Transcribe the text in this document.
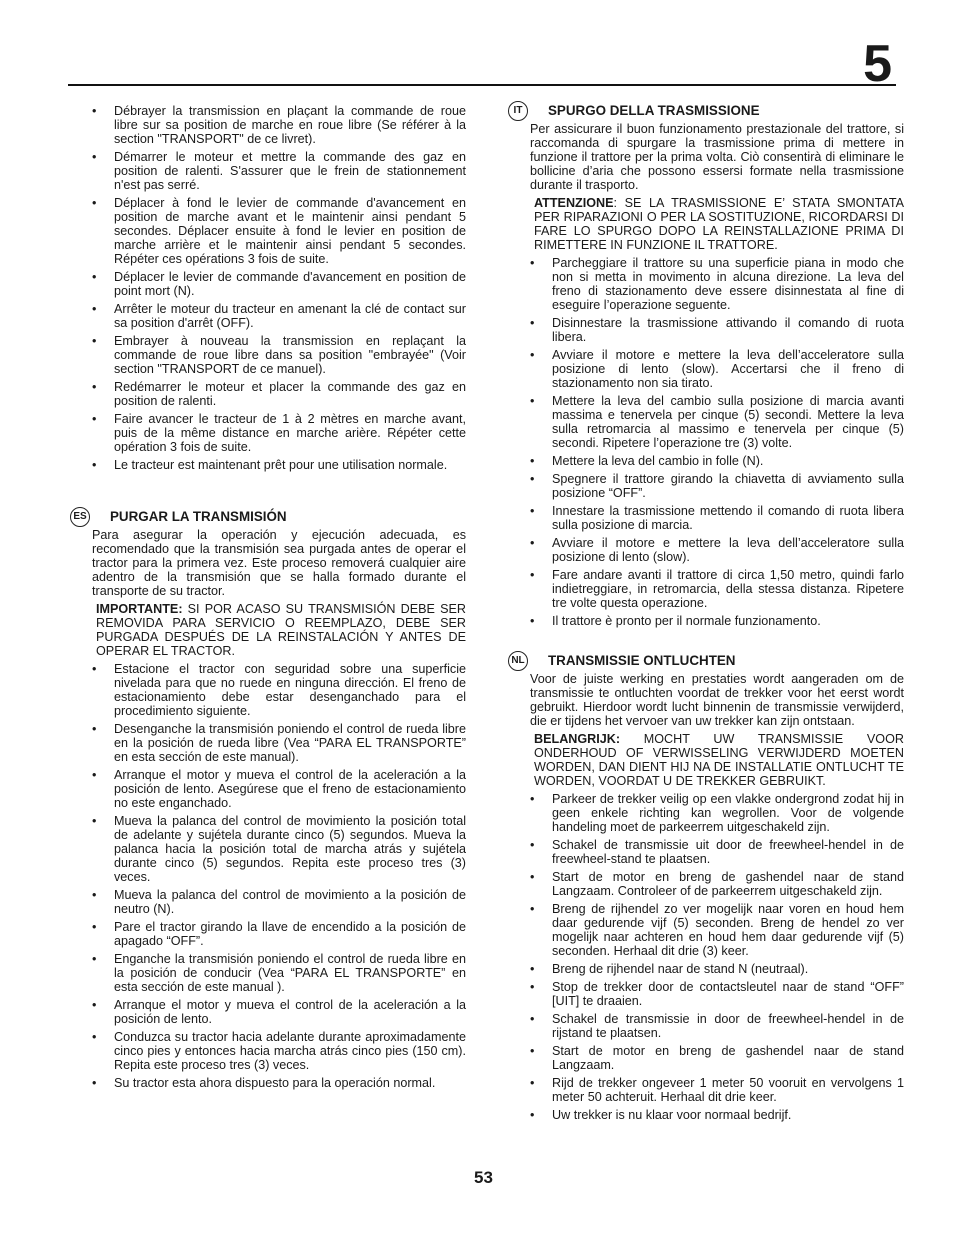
5
• Débrayer la transmission en plaçant la commande de roue libre sur sa position de marche en roue libre (Se référer à la section "TRANSPORT" de ce livret).
• Démarrer le moteur et mettre la commande des gaz en position de ralenti. S'assurer que le frein de stationnement n'est pas serré.
• Déplacer à fond le levier de commande d'avancement en position de marche avant et le maintenir ainsi pendant 5 secondes. Déplacer ensuite à fond le levier en position de marche arrière et le maintenir ainsi pendant 5 secondes. Répéter ces opérations 3 fois de suite.
• Déplacer le levier de commande d'avancement en position de point mort (N).
• Arrêter le moteur du tracteur en amenant la clé de contact sur sa position d'arrêt (OFF).
• Embrayer à nouveau la transmission en replaçant la commande de roue libre dans sa position "embrayée" (Voir section "TRANSPORT de ce manuel).
• Redémarrer le moteur et placer la commande des gaz en position de ralenti.
• Faire avancer le tracteur de 1 à 2 mètres en marche avant, puis de la même distance en marche arière. Répéter cette opération 3 fois de suite.
• Le tracteur est maintenant prêt pour une utilisation normale.
ES PURGAR LA TRANSMISIÓN

Para asegurar la operación y ejecución adecuada, es recomendado que la transmisión sea purgada antes de operar el tractor para la primera vez. Este proceso removerá cualquier aire adentro de la transmisión que se halla formado durante el transporte de su tractor.

IMPORTANTE: SI POR ACASO SU TRANSMISIÓN DEBE SER REMOVIDA PARA SERVICIO O REEMPLAZO, DEBE SER PURGADA DESPUÉS DE LA REINSTALACIÓN Y ANTES DE OPERAR EL TRACTOR.

• Estacione el tractor con seguridad sobre una superficie nivelada para que no ruede en ninguna dirección. El freno de estacionamiento debe estar desenganchado para el procedimiento siguiente.
• Desenganche la transmisión poniendo el control de rueda libre en la posición de rueda libre (Vea “PARA EL TRANSPORTE” en esta sección de este manual).
• Arranque el motor y mueva el control de la aceleración a la posición de lento. Asegúrese que el freno de estacionamiento no este enganchado.
• Mueva la palanca del control de movimiento la posición total de adelante y sujétela durante cinco (5) segundos. Mueva la palanca hacia la posición total de marcha atrás y sujétela durante cinco (5) segundos. Repita este proceso tres (3) veces.
• Mueva la palanca del control de movimiento a la posición de neutro (N).
• Pare el tractor girando la llave de encendido a la posición de apagado “OFF”.
• Enganche la transmisión poniendo el control de rueda libre en la posición de conducir (Vea “PARA EL TRANSPORTE” en esta sección de este manual ).
• Arranque el motor y mueva el control de la aceleración a la posición de lento.
• Conduzca su tractor hacia adelante durante aproximadamente cinco pies y entonces hacia marcha atrás cinco pies (150 cm). Repita este proceso tres (3) veces.
• Su tractor esta ahora dispuesto para la operación normal.
IT	SPURGO DELLA TRASMISSIONE

Per assicurare il buon funzionamento prestazionale del trattore, si raccomanda di spurgare la trasmissione prima di mettere in funzione il trattore per la prima volta. Ciò consentirà di eliminare le bollicine d’aria che possono essersi formate nella trasmissione durante il trasporto.

ATTENZIONE: SE LA TRASMISSIONE E’ STATA SMONTATA PER RIPARAZIONI O PER LA SOSTITUZIONE, RICORDARSI DI FARE LO SPURGO DOPO LA REINSTALLAZIONE PRIMA DI RIMETTERE IN FUNZIONE IL TRATTORE.

• Parcheggiare il trattore su una superficie piana in modo che non si metta in movimento in alcuna direzione. La leva del freno di stazionamento deve essere disinnestata al fine di eseguire l’operazione seguente.
• Disinnestare la trasmissione attivando il comando di ruota libera.
• Avviare il motore e mettere la leva dell’acceleratore sulla posizione di lento (slow). Accertarsi che il freno di stazionamento non sia tirato.
• Mettere la leva del cambio sulla posizione di marcia avanti massima e tenervela per cinque (5) secondi. Mettere la leva sulla retromarcia al massimo e tenervela per cinque (5) secondi. Ripetere l’operazione tre (3) volte.
• Mettere la leva del cambio in folle (N).
• Spegnere il trattore girando la chiavetta di avviamento sulla posizione “OFF”.
• Innestare la trasmissione mettendo il comando di ruota libera sulla posizione di marcia.
• Avviare il motore e mettere la leva dell’acceleratore sulla posizione di lento (slow).
• Fare andare avanti il trattore di circa 1,50 metro, quindi farlo indietreggiare, in retromarcia, della stessa distanza. Ripetere tre volte questa operazione.
• Il trattore è pronto per il normale funzionamento.
NL TRANSMISSIE ONTLUCHTEN

Voor de juiste werking en prestaties wordt aangeraden om de transmissie te ontluchten voordat de trekker voor het eerst wordt gebruikt. Hierdoor wordt lucht binnenin de transmissie verwijderd, die er tijdens het vervoer van uw trekker kan zijn ontstaan.

BELANGRIJK: MOCHT UW TRANSMISSIE VOOR ONDERHOUD OF VERWISSELING VERWIJDERD MOETEN WORDEN, DAN DIENT HIJ NA DE INSTALLATIE ONTLUCHT TE WORDEN, VOORDAT U DE TREKKER GEBRUIKT.

• Parkeer de trekker veilig op een vlakke ondergrond zodat hij in geen enkele richting kan wegrollen. Voor de volgende handeling moet de parkeerrem uitgeschakeld zijn.
• Schakel de transmissie uit door de freewheel-hendel in de freewheel-stand te plaatsen.
• Start de motor en breng de gashendel naar de stand Langzaam. Controleer of de parkeerrem uitgeschakeld zijn.
• Breng de rijhendel zo ver mogelijk naar voren en houd hem daar gedurende vijf (5) seconden. Breng de hendel zo ver mogelijk naar achteren en houd hem daar gedurende vijf (5) seconden. Herhaal dit drie (3) keer.
• Breng de rijhendel naar de stand N (neutraal).
• Stop de trekker door de contactsleutel naar de stand “OFF” [UIT] te draaien.
• Schakel de transmissie in door de freewheel-hendel in de rijstand te plaatsen.
• Start de motor en breng de gashendel naar de stand Langzaam.
• Rijd de trekker ongeveer 1 meter 50 vooruit en vervolgens 1 meter 50 achteruit. Herhaal dit drie keer.
• Uw trekker is nu klaar voor normaal bedrijf.
53
